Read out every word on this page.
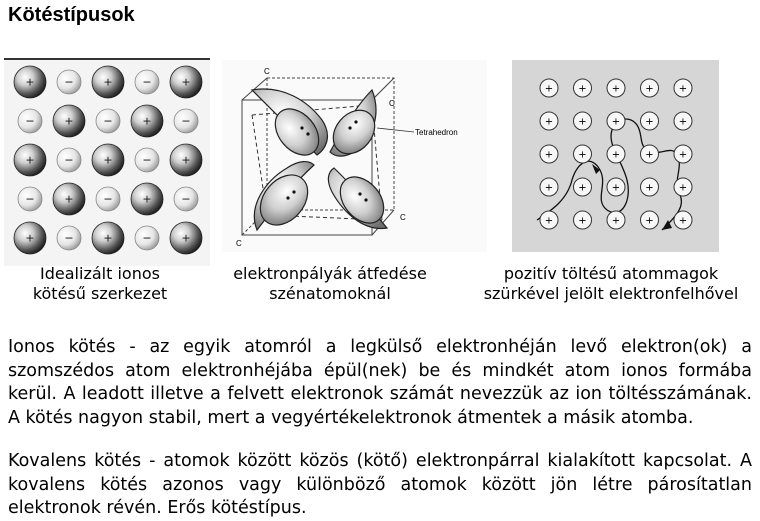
Kötéstípusok
+	−	+	−	+
−	+	−	+	−
+	−	+	−	+
−	+	−	+	−
+	−	+	−	+
Tetrahedron
C
C
C
C
+	+	+	+	+
+	+	+	+	+
+	+	+	+	+
+	+	+	+	+
+	+	+	+	+
Idealizált ionos
kötésű szerkezet
elektronpályák átfedése
szénatomoknál
pozitív töltésű atommagok
szürkével jelölt elektronfelhővel

Ionos kötés - az egyik atomról a legkülső elektronhéján levő elektron(ok) a szomszédos atom elektronhéjába épül(nek) be és mindkét atom ionos formába kerül. A leadott illetve a felvett elektronok számát nevezzük az ion töltésszámának. A kötés nagyon stabil, mert a vegyértékelektronok átmentek a másik atomba.

Kovalens kötés - atomok között közös (kötő) elektronpárral kialakított kapcsolat. A kovalens kötés azonos vagy különböző atomok között jön létre párosítatlan elektronok révén. Erős kötéstípus.
